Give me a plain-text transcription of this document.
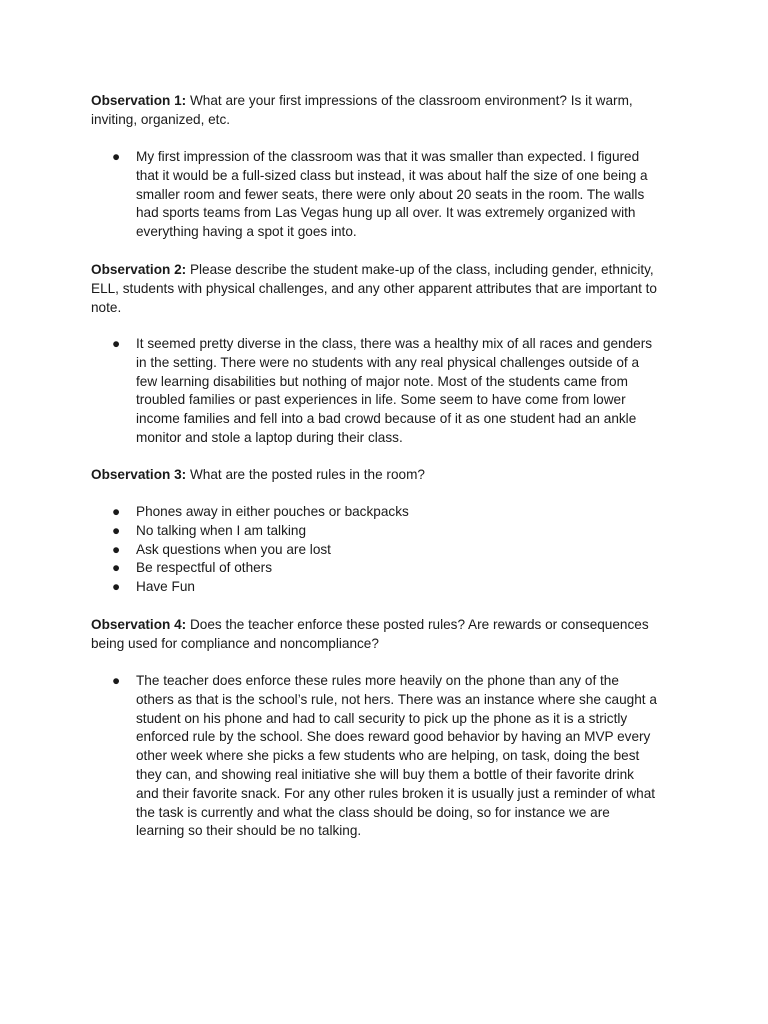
Observation 1: What are your first impressions of the classroom environment? Is it warm, inviting, organized, etc.

● My first impression of the classroom was that it was smaller than expected. I figured that it would be a full-sized class but instead, it was about half the size of one being a smaller room and fewer seats, there were only about 20 seats in the room. The walls had sports teams from Las Vegas hung up all over. It was extremely organized with everything having a spot it goes into.

Observation 2: Please describe the student make-up of the class, including gender, ethnicity, ELL, students with physical challenges, and any other apparent attributes that are important to note.

● It seemed pretty diverse in the class, there was a healthy mix of all races and genders in the setting. There were no students with any real physical challenges outside of a few learning disabilities but nothing of major note. Most of the students came from troubled families or past experiences in life. Some seem to have come from lower income families and fell into a bad crowd because of it as one student had an ankle monitor and stole a laptop during their class.

Observation 3: What are the posted rules in the room?

● Phones away in either pouches or backpacks
● No talking when I am talking
● Ask questions when you are lost
● Be respectful of others
● Have Fun

Observation 4: Does the teacher enforce these posted rules? Are rewards or consequences being used for compliance and noncompliance?

● The teacher does enforce these rules more heavily on the phone than any of the others as that is the school’s rule, not hers. There was an instance where she caught a student on his phone and had to call security to pick up the phone as it is a strictly enforced rule by the school. She does reward good behavior by having an MVP every other week where she picks a few students who are helping, on task, doing the best they can, and showing real initiative she will buy them a bottle of their favorite drink and their favorite snack. For any other rules broken it is usually just a reminder of what the task is currently and what the class should be doing, so for instance we are learning so their should be no talking.
